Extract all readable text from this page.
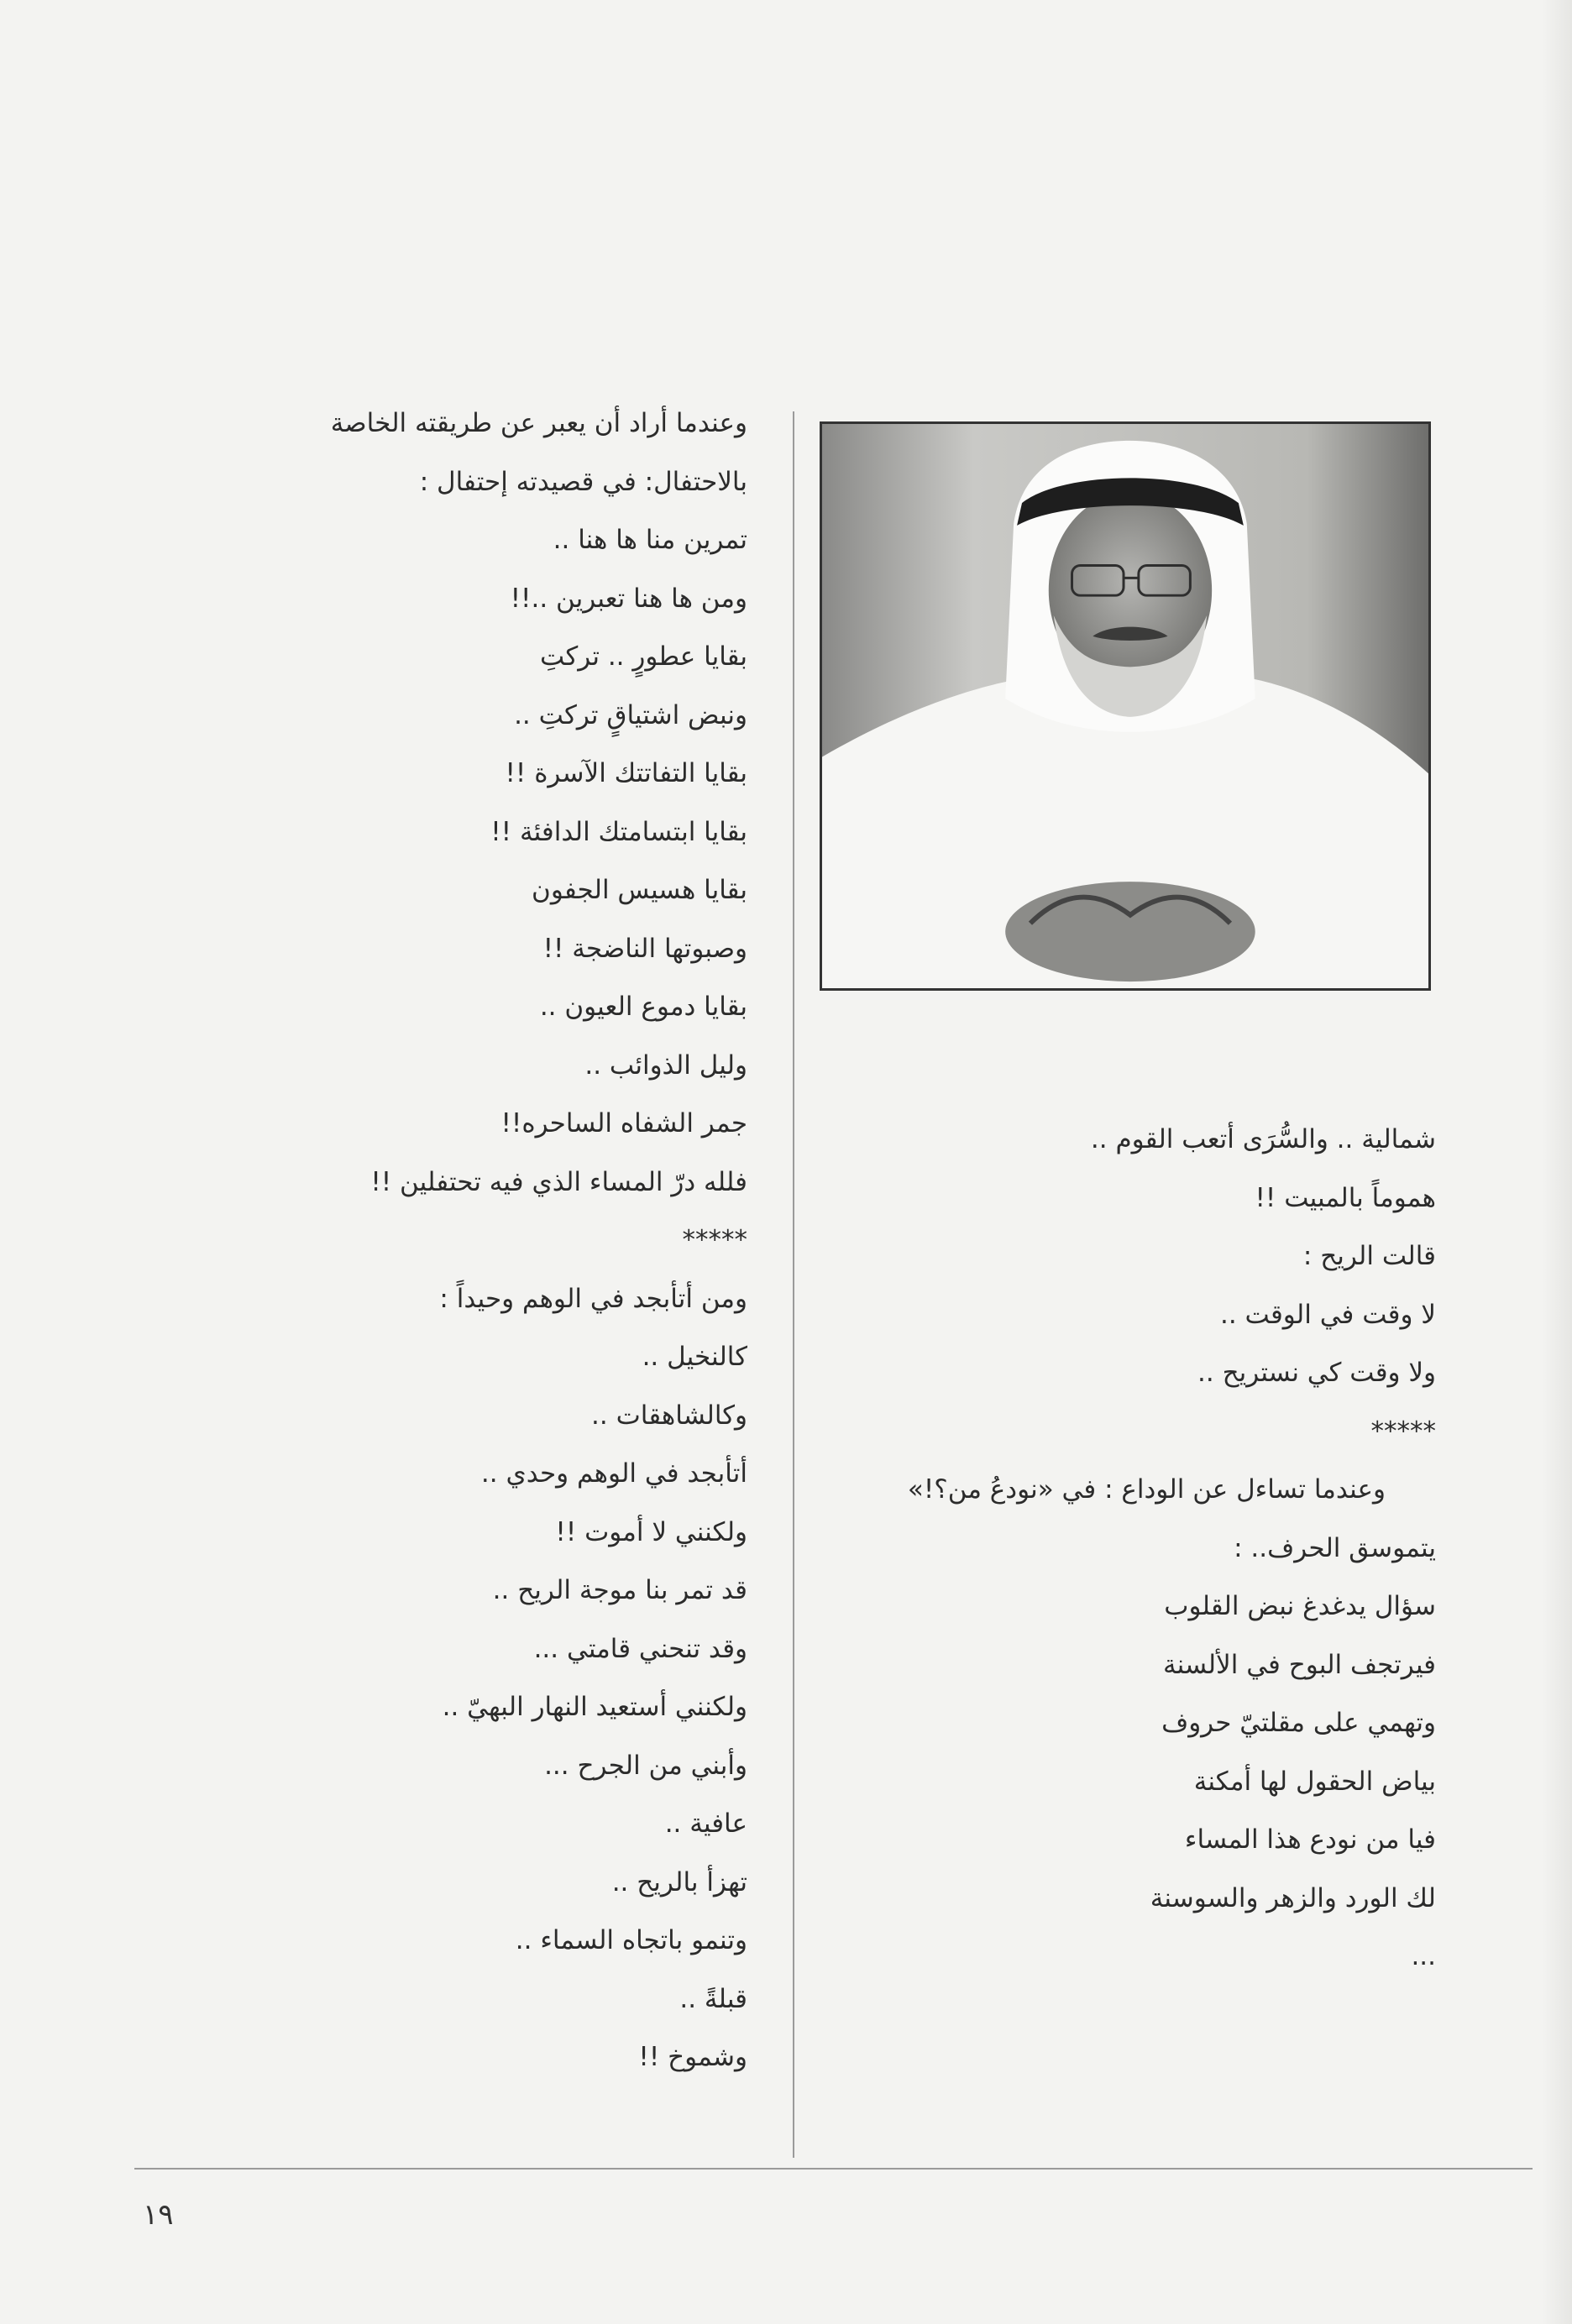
وعندما أراد أن يعبر عن طريقته الخاصة
بالاحتفال: في قصيدته إحتفال :
تمرين منا ها هنا ..
ومن ها هنا تعبرين ..!!
بقايا عطورٍ .. تركتِ
ونبض اشتياقٍ تركتِ ..
بقايا التفاتتك الآسرة !!
بقايا ابتسامتك الدافئة !!
بقايا هسيس الجفون
وصبوتها الناضجة !!
بقايا دموع العيون ..
وليل الذوائب ..
جمر الشفاه الساحره!!
فلله درّ المساء الذي فيه تحتفلين !!
*****
ومن أتأبجد في الوهم وحيداً :
كالنخيل ..
وكالشاهقات ..
أتأبجد في الوهم وحدي ..
ولكنني لا أموت !!
قد تمر بنا موجة الريح ..
وقد تنحني قامتي ...
ولكنني أستعيد النهار البهيّ ..
وأبني من الجرح ...
عافية ..
تهزأ بالريح ..
وتنمو باتجاه السماء ..
قبلةً ..
وشموخ !!
شمالية .. والسُّرَى أتعب القوم ..
هموماً بالمبيت !!
قالت الريح :
لا وقت في الوقت ..
ولا وقت كي نستريح ..
*****
وعندما تساءل عن الوداع : في «نودعُ من؟!»
يتموسق الحرف.. :
سؤال يدغدغ نبض القلوب
فيرتجف البوح في الألسنة
وتهمي على مقلتيّ حروف
بياض الحقول لها أمكنة
فيا من نودع هذا المساء
لك الورد والزهر والسوسنة
...
١٩
